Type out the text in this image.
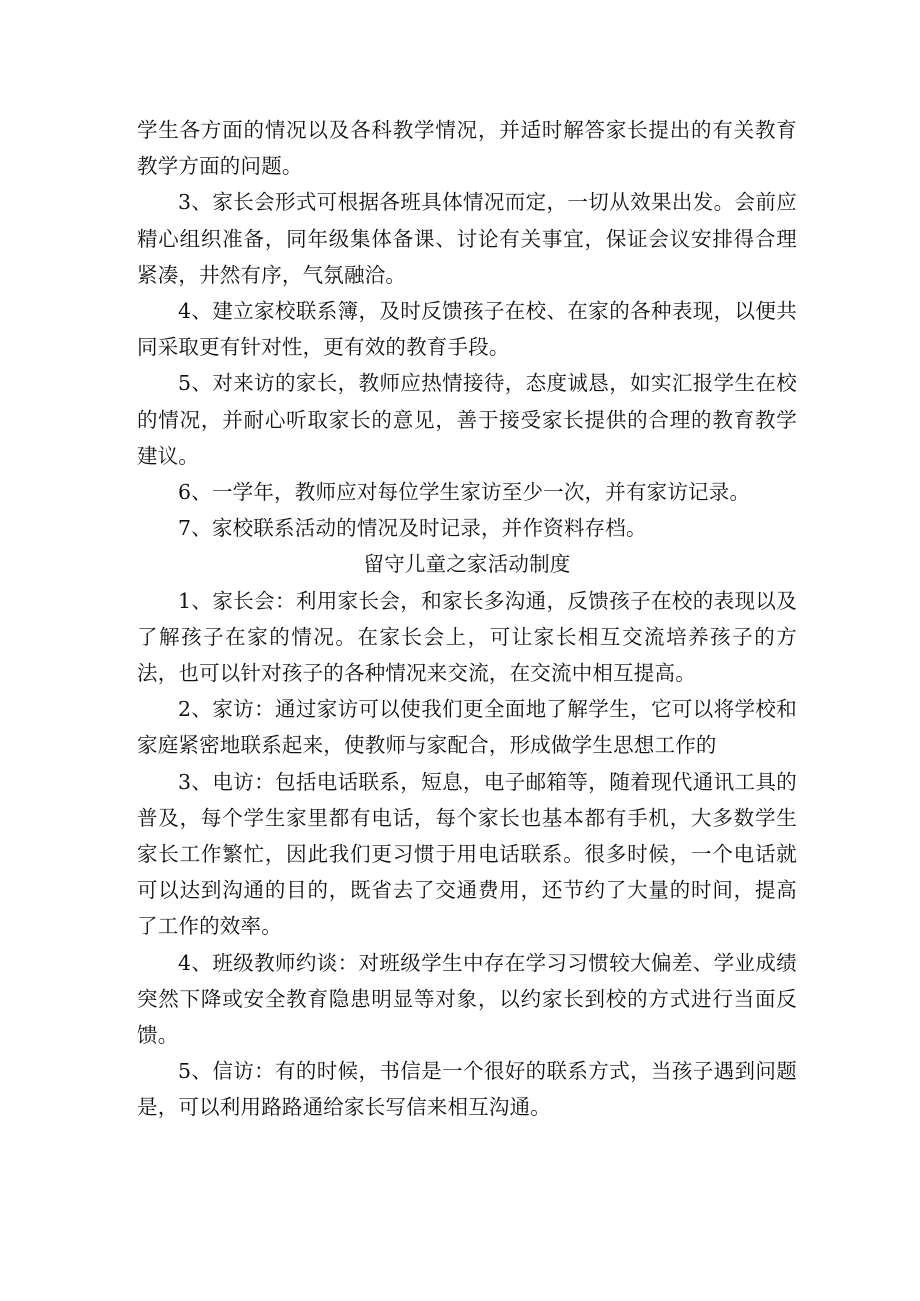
学生各方面的情况以及各科教学情况，并适时解答家长提出的有关教育教学方面的问题。

3、家长会形式可根据各班具体情况而定，一切从效果出发。会前应精心组织准备，同年级集体备课、讨论有关事宜，保证会议安排得合理紧凑，井然有序，气氛融洽。

4、建立家校联系簿，及时反馈孩子在校、在家的各种表现，以便共同采取更有针对性，更有效的教育手段。

5、对来访的家长，教师应热情接待，态度诚恳，如实汇报学生在校的情况，并耐心听取家长的意见，善于接受家长提供的合理的教育教学建议。

6、一学年，教师应对每位学生家访至少一次，并有家访记录。

7、家校联系活动的情况及时记录，并作资料存档。

留守儿童之家活动制度

1、家长会：利用家长会，和家长多沟通，反馈孩子在校的表现以及了解孩子在家的情况。在家长会上，可让家长相互交流培养孩子的方法，也可以针对孩子的各种情况来交流，在交流中相互提高。

2、家访：通过家访可以使我们更全面地了解学生，它可以将学校和家庭紧密地联系起来，使教师与家配合，形成做学生思想工作的

3、电访：包括电话联系，短息，电子邮箱等，随着现代通讯工具的普及，每个学生家里都有电话，每个家长也基本都有手机，大多数学生家长工作繁忙，因此我们更习惯于用电话联系。很多时候，一个电话就可以达到沟通的目的，既省去了交通费用，还节约了大量的时间，提高了工作的效率。

4、班级教师约谈：对班级学生中存在学习习惯较大偏差、学业成绩突然下降或安全教育隐患明显等对象，以约家长到校的方式进行当面反馈。

5、信访：有的时候，书信是一个很好的联系方式，当孩子遇到问题是，可以利用路路通给家长写信来相互沟通。
